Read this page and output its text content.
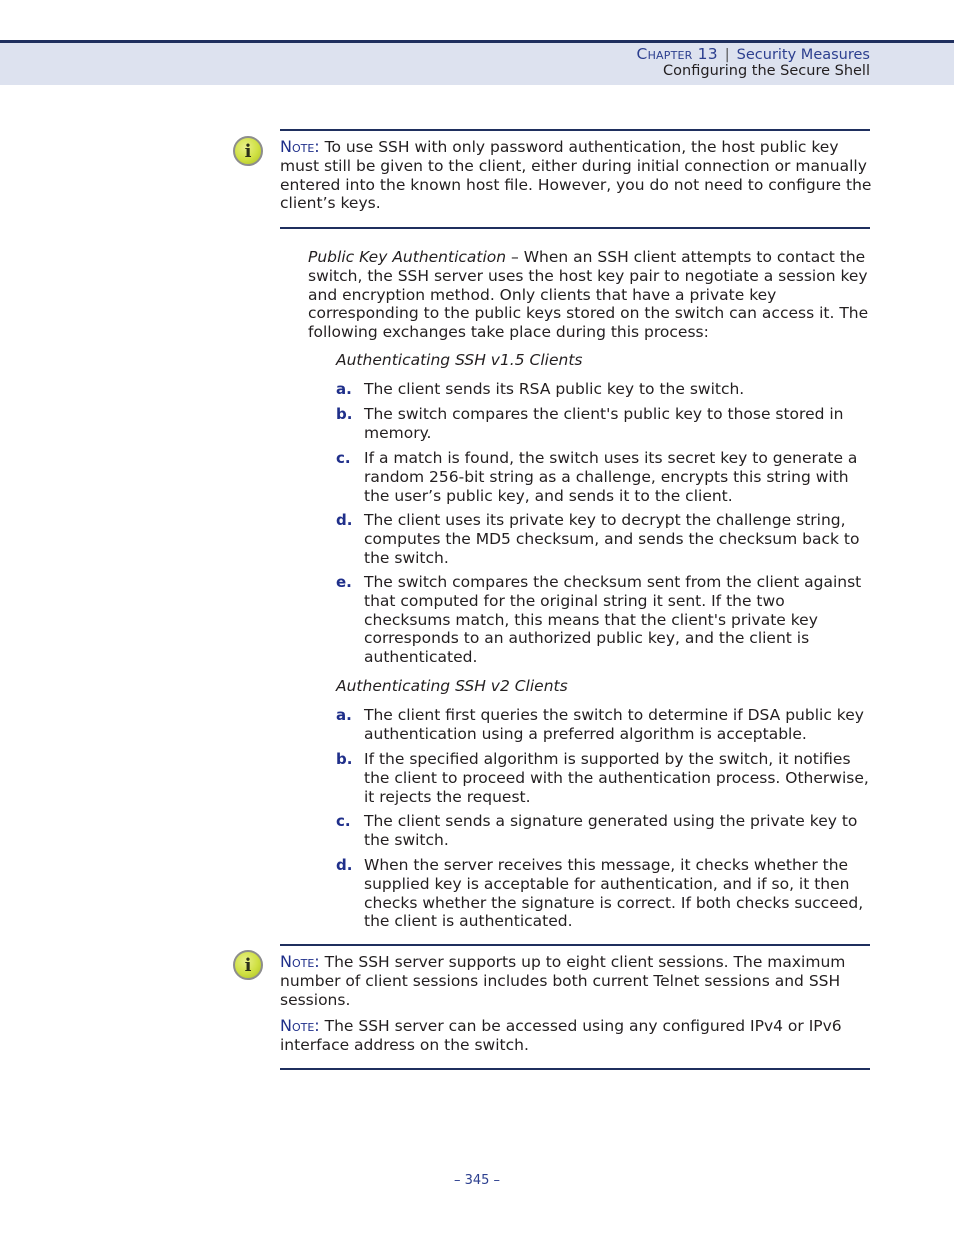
Chapter 13 | Security Measures
Configuring the Secure Shell
i Note: To use SSH with only password authentication, the host public key must still be given to the client, either during initial connection or manually entered into the known host file. However, you do not need to configure the client’s keys.
Public Key Authentication – When an SSH client attempts to contact the switch, the SSH server uses the host key pair to negotiate a session key and encryption method. Only clients that have a private key corresponding to the public keys stored on the switch can access it. The following exchanges take place during this process:
Authenticating SSH v1.5 Clients
a. The client sends its RSA public key to the switch.
b. The switch compares the client's public key to those stored in memory.
c. If a match is found, the switch uses its secret key to generate a random 256-bit string as a challenge, encrypts this string with the user’s public key, and sends it to the client.
d. The client uses its private key to decrypt the challenge string, computes the MD5 checksum, and sends the checksum back to the switch.
e. The switch compares the checksum sent from the client against that computed for the original string it sent. If the two checksums match, this means that the client's private key corresponds to an authorized public key, and the client is authenticated.
Authenticating SSH v2 Clients
a. The client first queries the switch to determine if DSA public key authentication using a preferred algorithm is acceptable.
b. If the specified algorithm is supported by the switch, it notifies the client to proceed with the authentication process. Otherwise, it rejects the request.
c. The client sends a signature generated using the private key to the switch.
d. When the server receives this message, it checks whether the supplied key is acceptable for authentication, and if so, it then checks whether the signature is correct. If both checks succeed, the client is authenticated.
i Note: The SSH server supports up to eight client sessions. The maximum number of client sessions includes both current Telnet sessions and SSH sessions.
Note: The SSH server can be accessed using any configured IPv4 or IPv6 interface address on the switch.
– 345 –
